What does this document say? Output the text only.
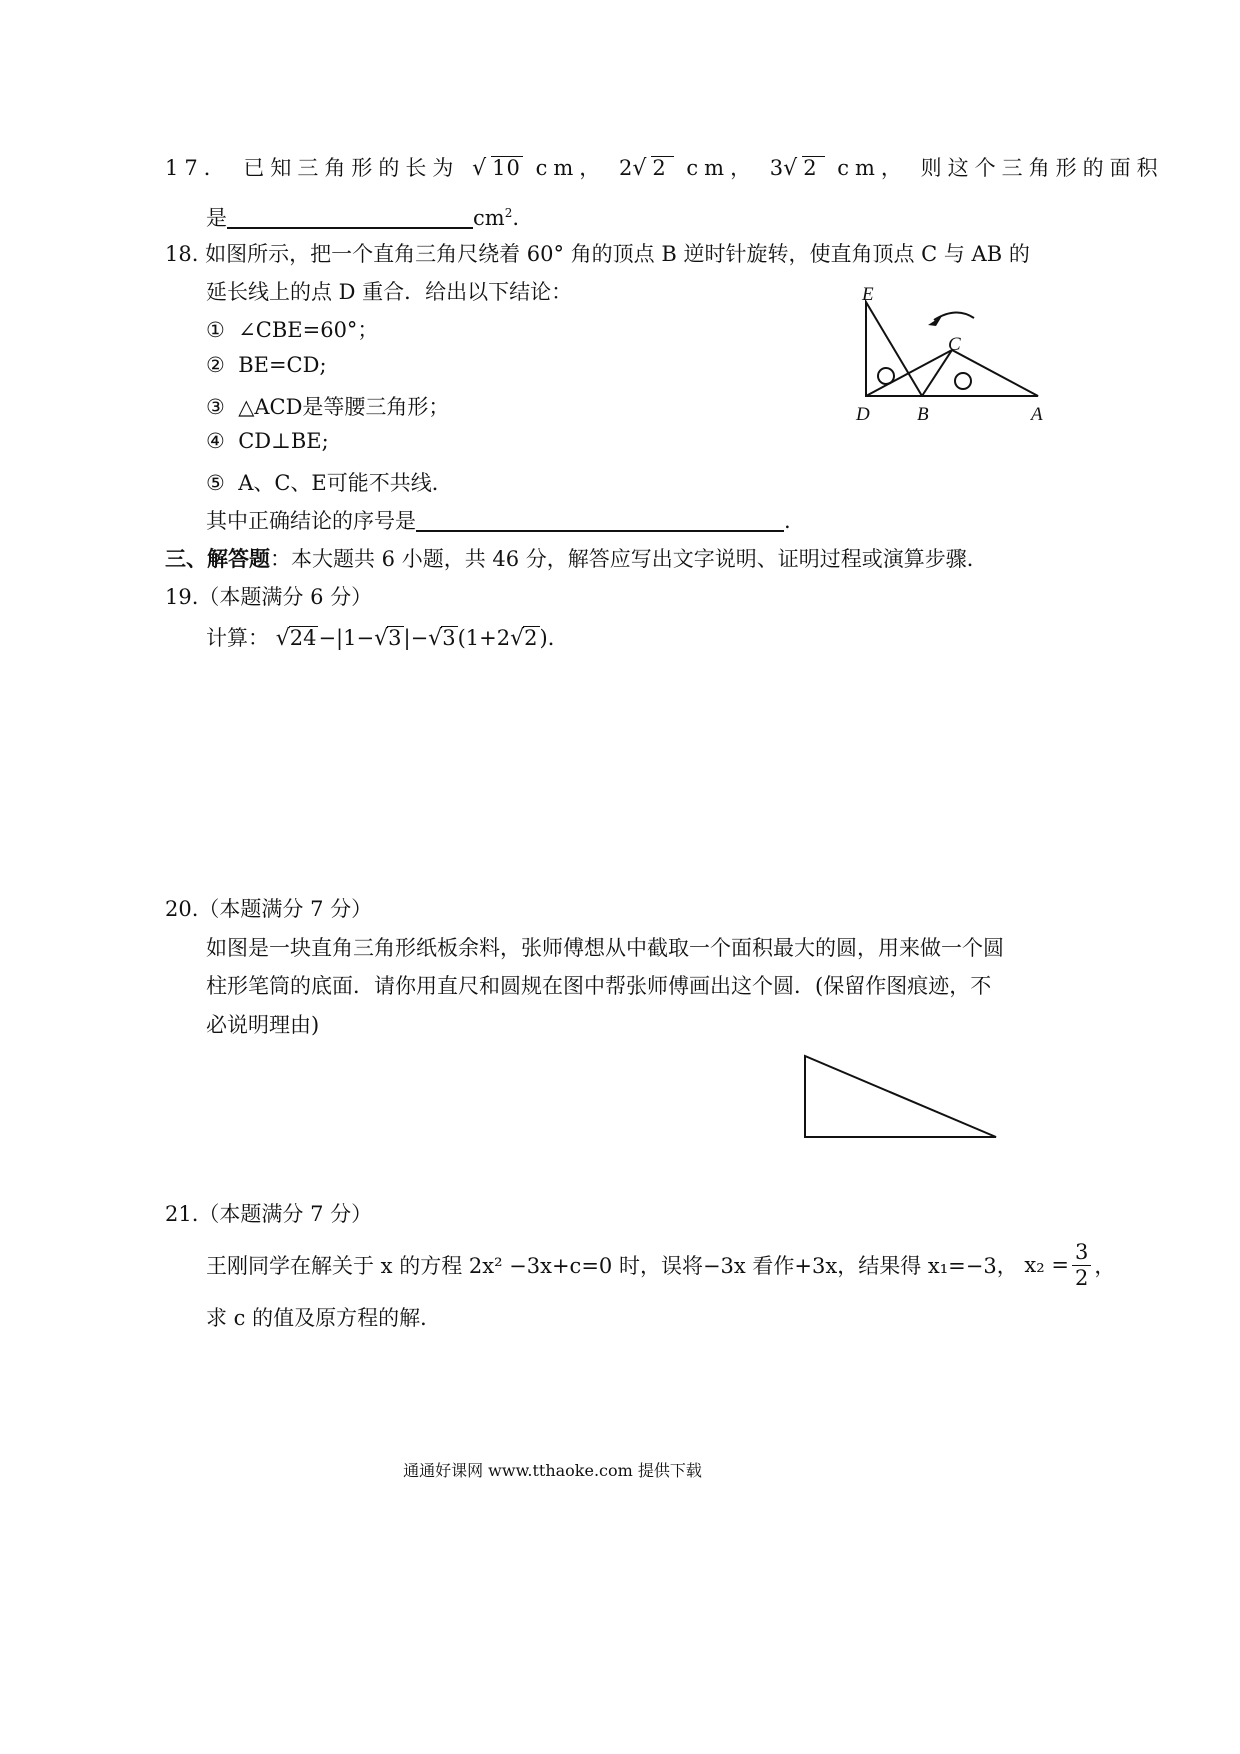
17． 已知三角形的长为 √10 cm， 2√2 cm， 3√2 cm， 则这个三角形的面积
是	$cm^2$.
18. 如图所示，把一个直角三角尺绕着 60° 角的顶点 B 逆时针旋转，使直角顶点 C 与 AB 的
延长线上的点 D 重合．给出以下结论：
① ∠CBE=60°；
② BE=CD;
③ △ACD是等腰三角形；
④ CD⊥BE;
⑤ A、C、E可能不共线．
其中正确结论的序号是	.
E
C
D B	A
三、解答题：本大题共 6 小题，共 46 分，解答应写出文字说明、证明过程或演算步骤．
19.（本题满分 6 分）
计算： √24−|1−√3|−√3(1+2√2)．
20.（本题满分 7 分）
如图是一块直角三角形纸板余料，张师傅想从中截取一个面积最大的圆，用来做一个圆
柱形笔筒的底面．请你用直尺和圆规在图中帮张师傅画出这个圆．(保留作图痕迹，不
必说明理由)
21.（本题满分 7 分）
王刚同学在解关于 x 的方程 2x² −3x+c=0 时，误将−3x 看作+3x，结果得 x₁=−3，
$x_2 = \frac{3}{2}$ ，
求 c 的值及原方程的解．
通通好课网 www.tthaoke.com 提供下载
